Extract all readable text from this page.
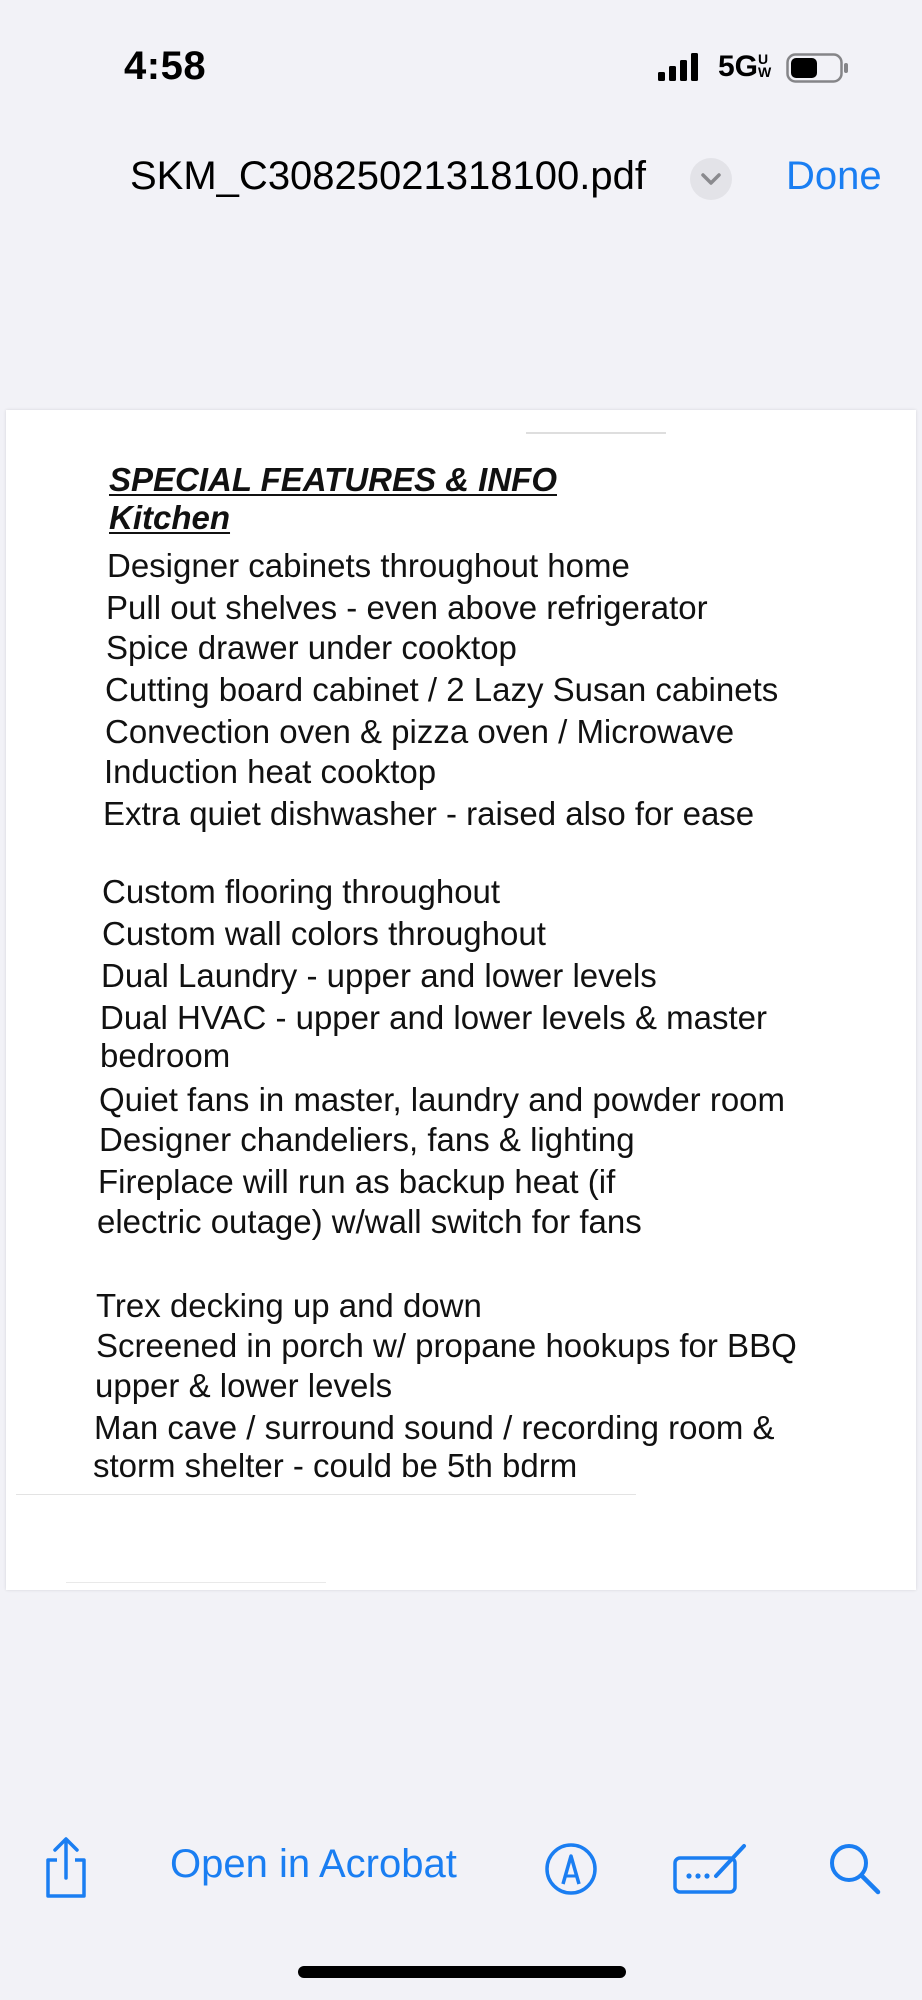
4:58	5GUW
SKM_C30825021318100.pdf	Done
SPECIAL FEATURES & INFO
Kitchen
Designer cabinets throughout home
Pull out shelves - even above refrigerator
Spice drawer under cooktop
Cutting board cabinet / 2 Lazy Susan cabinets
Convection oven & pizza oven / Microwave
Induction heat cooktop
Extra quiet dishwasher - raised also for ease
Custom flooring throughout
Custom wall colors throughout
Dual Laundry - upper and lower levels
Dual HVAC - upper and lower levels & master
bedroom
Quiet fans in master, laundry and powder room
Designer chandeliers, fans & lighting
Fireplace will run as backup heat (if
electric outage) w/wall switch for fans
Trex decking up and down
Screened in porch w/ propane hookups for BBQ
upper & lower levels
Man cave / surround sound / recording room &
storm shelter - could be 5th bdrm
Open in Acrobat
